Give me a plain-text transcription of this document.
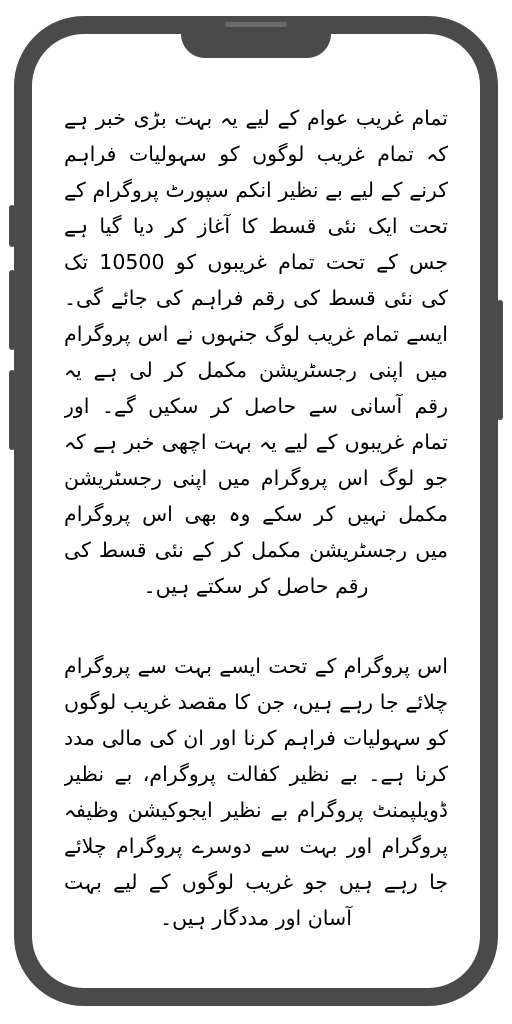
تمام غریب عوام کے لیے یہ بہت بڑی خبر ہے کہ تمام غریب لوگوں کو سہولیات فراہم کرنے کے لیے بے نظیر انکم سپورٹ پروگرام کے تحت ایک نئی قسط کا آغاز کر دیا گیا ہے جس کے تحت تمام غریبوں کو 10500 تک کی نئی قسط کی رقم فراہم کی جائے گی۔ ایسے تمام غریب لوگ جنہوں نے اس پروگرام میں اپنی رجسٹریشن مکمل کر لی ہے یہ رقم آسانی سے حاصل کر سکیں گے۔ اور تمام غریبوں کے لیے یہ بہت اچھی خبر ہے کہ جو لوگ اس پروگرام میں اپنی رجسٹریشن مکمل نہیں کر سکے وہ بھی اس پروگرام میں رجسٹریشن مکمل کر کے نئی قسط کی رقم حاصل کر سکتے ہیں۔

اس پروگرام کے تحت ایسے بہت سے پروگرام چلائے جا رہے ہیں، جن کا مقصد غریب لوگوں کو سہولیات فراہم کرنا اور ان کی مالی مدد کرنا ہے۔ بے نظیر کفالت پروگرام، بے نظیر ڈویلپمنٹ پروگرام بے نظیر ایجوکیشن وظیفہ پروگرام اور بہت سے دوسرے پروگرام چلائے جا رہے ہیں جو غریب لوگوں کے لیے بہت آسان اور مددگار ہیں۔
